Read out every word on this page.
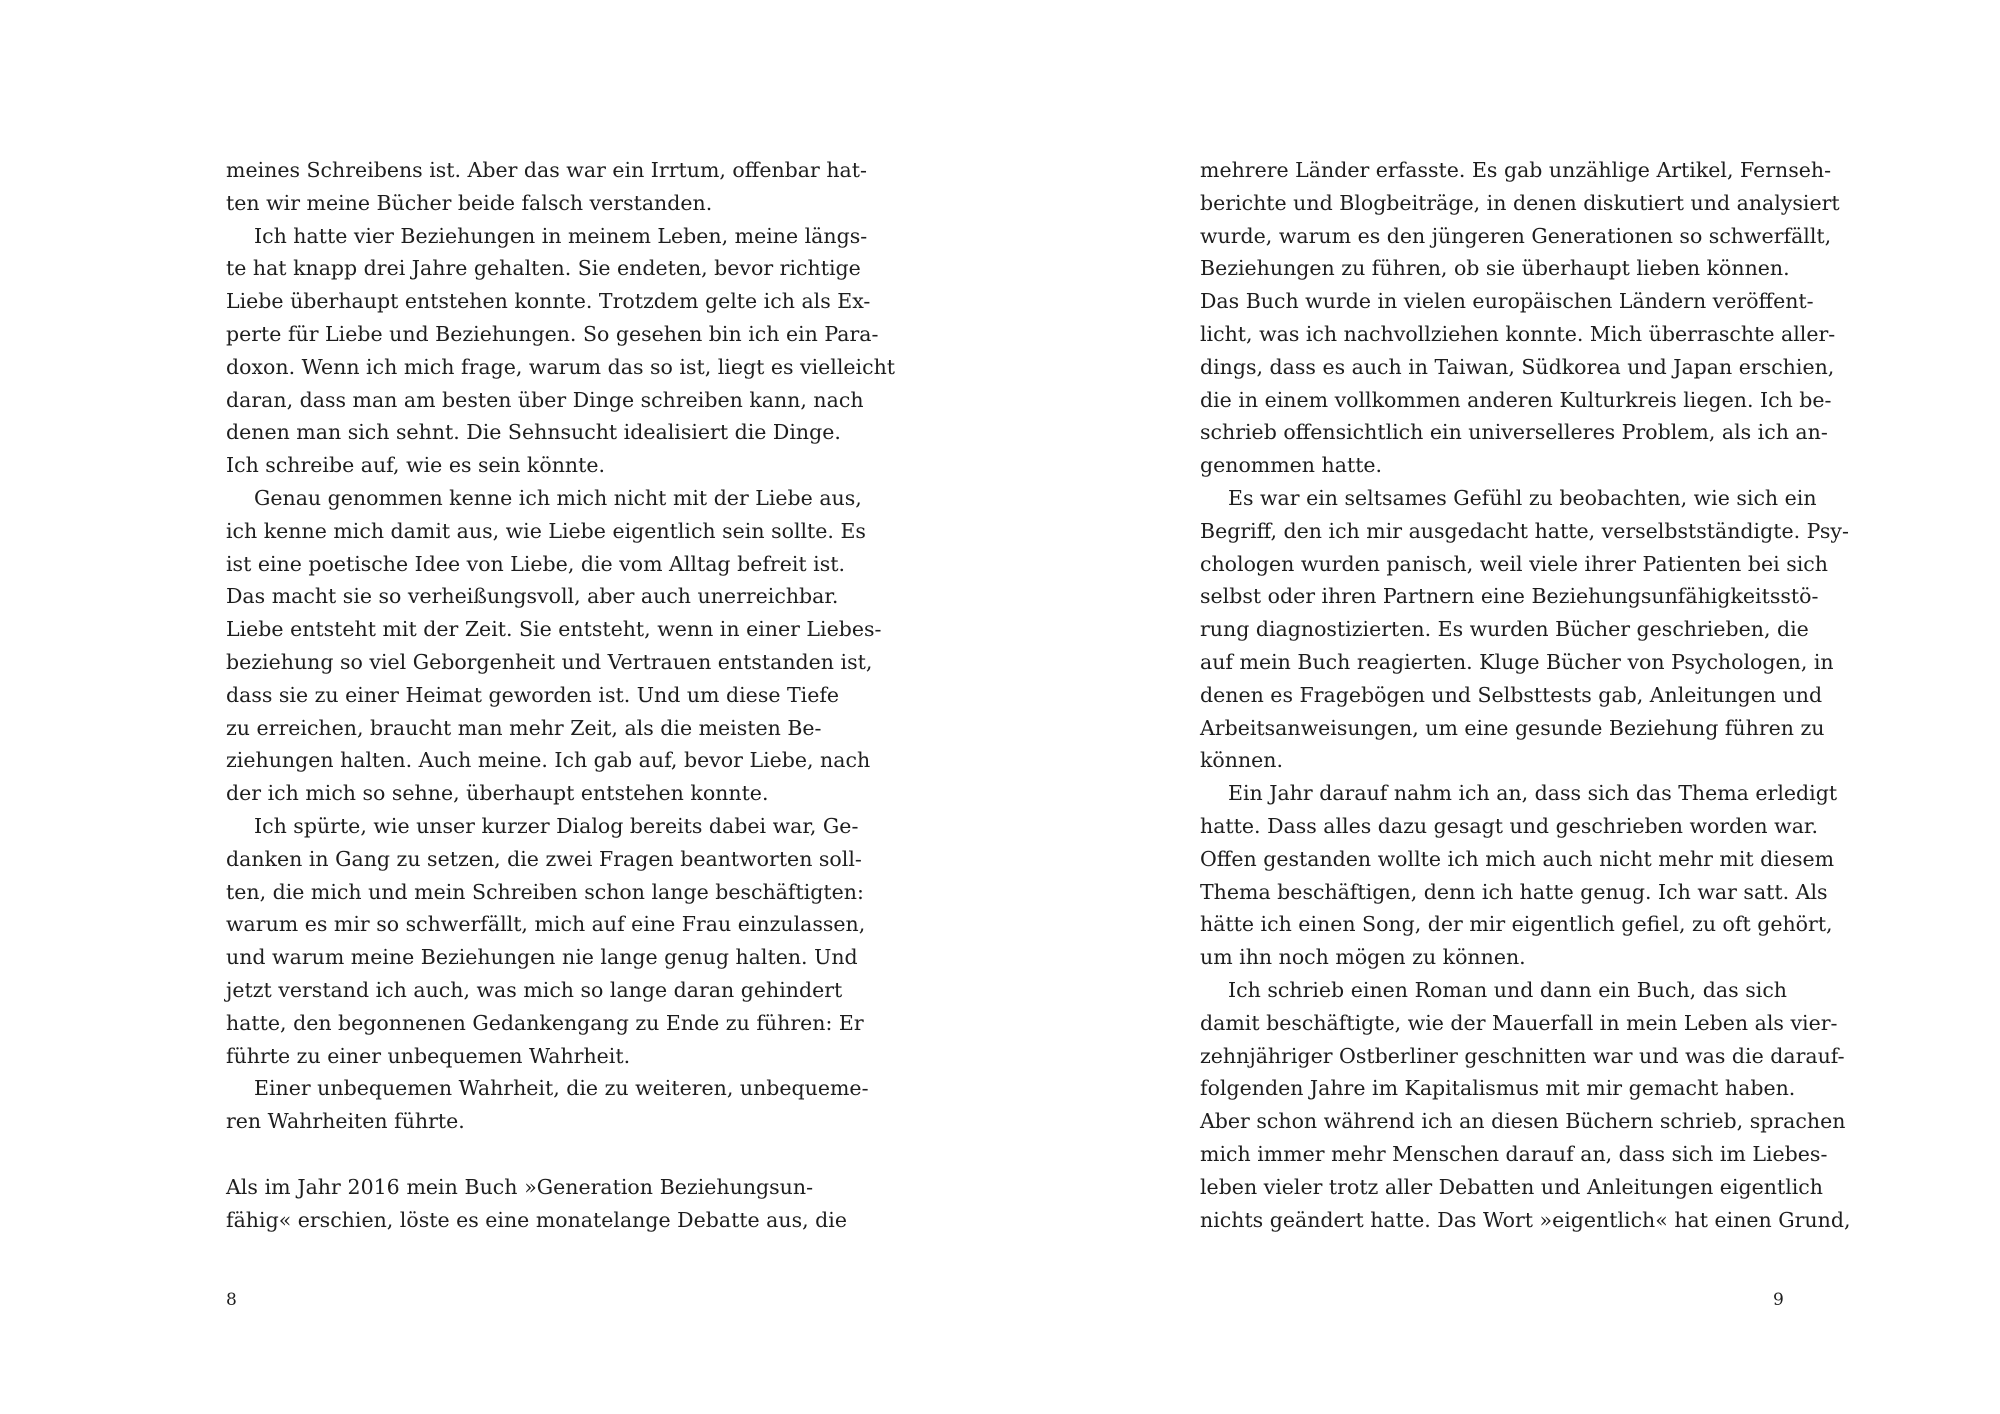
meines Schreibens ist. Aber das war ein Irrtum, offenbar hat-
ten wir meine Bücher beide falsch verstanden.
Ich hatte vier Beziehungen in meinem Leben, meine längs-
te hat knapp drei Jahre gehalten. Sie endeten, bevor richtige
Liebe überhaupt entstehen konnte. Trotzdem gelte ich als Ex-
perte für Liebe und Beziehungen. So gesehen bin ich ein Para-
doxon. Wenn ich mich frage, warum das so ist, liegt es vielleicht
daran, dass man am besten über Dinge schreiben kann, nach
denen man sich sehnt. Die Sehnsucht idealisiert die Dinge.
Ich schreibe auf, wie es sein könnte.
Genau genommen kenne ich mich nicht mit der Liebe aus,
ich kenne mich damit aus, wie Liebe eigentlich sein sollte. Es
ist eine poetische Idee von Liebe, die vom Alltag befreit ist.
Das macht sie so verheißungsvoll, aber auch unerreichbar.
Liebe entsteht mit der Zeit. Sie entsteht, wenn in einer Liebes-
beziehung so viel Geborgenheit und Vertrauen entstanden ist,
dass sie zu einer Heimat geworden ist. Und um diese Tiefe
zu erreichen, braucht man mehr Zeit, als die meisten Be-
ziehungen halten. Auch meine. Ich gab auf, bevor Liebe, nach
der ich mich so sehne, überhaupt entstehen konnte.
Ich spürte, wie unser kurzer Dialog bereits dabei war, Ge-
danken in Gang zu setzen, die zwei Fragen beantworten soll-
ten, die mich und mein Schreiben schon lange beschäftigten:
warum es mir so schwerfällt, mich auf eine Frau einzulassen,
und warum meine Beziehungen nie lange genug halten. Und
jetzt verstand ich auch, was mich so lange daran gehindert
hatte, den begonnenen Gedankengang zu Ende zu führen: Er
führte zu einer unbequemen Wahrheit.
Einer unbequemen Wahrheit, die zu weiteren, unbequeme-
ren Wahrheiten führte.
Als im Jahr 2016 mein Buch »Generation Beziehungsun-
fähig« erschien, löste es eine monatelange Debatte aus, die
8
mehrere Länder erfasste. Es gab unzählige Artikel, Fernseh-
berichte und Blogbeiträge, in denen diskutiert und analysiert
wurde, warum es den jüngeren Generationen so schwerfällt,
Beziehungen zu führen, ob sie überhaupt lieben können.
Das Buch wurde in vielen europäischen Ländern veröffent-
licht, was ich nachvollziehen konnte. Mich überraschte aller-
dings, dass es auch in Taiwan, Südkorea und Japan erschien,
die in einem vollkommen anderen Kulturkreis liegen. Ich be-
schrieb offensichtlich ein universelleres Problem, als ich an-
genommen hatte.
Es war ein seltsames Gefühl zu beobachten, wie sich ein
Begriff, den ich mir ausgedacht hatte, verselbstständigte. Psy-
chologen wurden panisch, weil viele ihrer Patienten bei sich
selbst oder ihren Partnern eine Beziehungsunfähigkeitsstö-
rung diagnostizierten. Es wurden Bücher geschrieben, die
auf mein Buch reagierten. Kluge Bücher von Psychologen, in
denen es Fragebögen und Selbsttests gab, Anleitungen und
Arbeitsanweisungen, um eine gesunde Beziehung führen zu
können.
Ein Jahr darauf nahm ich an, dass sich das Thema erledigt
hatte. Dass alles dazu gesagt und geschrieben worden war.
Offen gestanden wollte ich mich auch nicht mehr mit diesem
Thema beschäftigen, denn ich hatte genug. Ich war satt. Als
hätte ich einen Song, der mir eigentlich gefiel, zu oft gehört,
um ihn noch mögen zu können.
Ich schrieb einen Roman und dann ein Buch, das sich
damit beschäftigte, wie der Mauerfall in mein Leben als vier-
zehnjähriger Ostberliner geschnitten war und was die darauf-
folgenden Jahre im Kapitalismus mit mir gemacht haben.
Aber schon während ich an diesen Büchern schrieb, sprachen
mich immer mehr Menschen darauf an, dass sich im Liebes-
leben vieler trotz aller Debatten und Anleitungen eigentlich
nichts geändert hatte. Das Wort »eigentlich« hat einen Grund,
9
